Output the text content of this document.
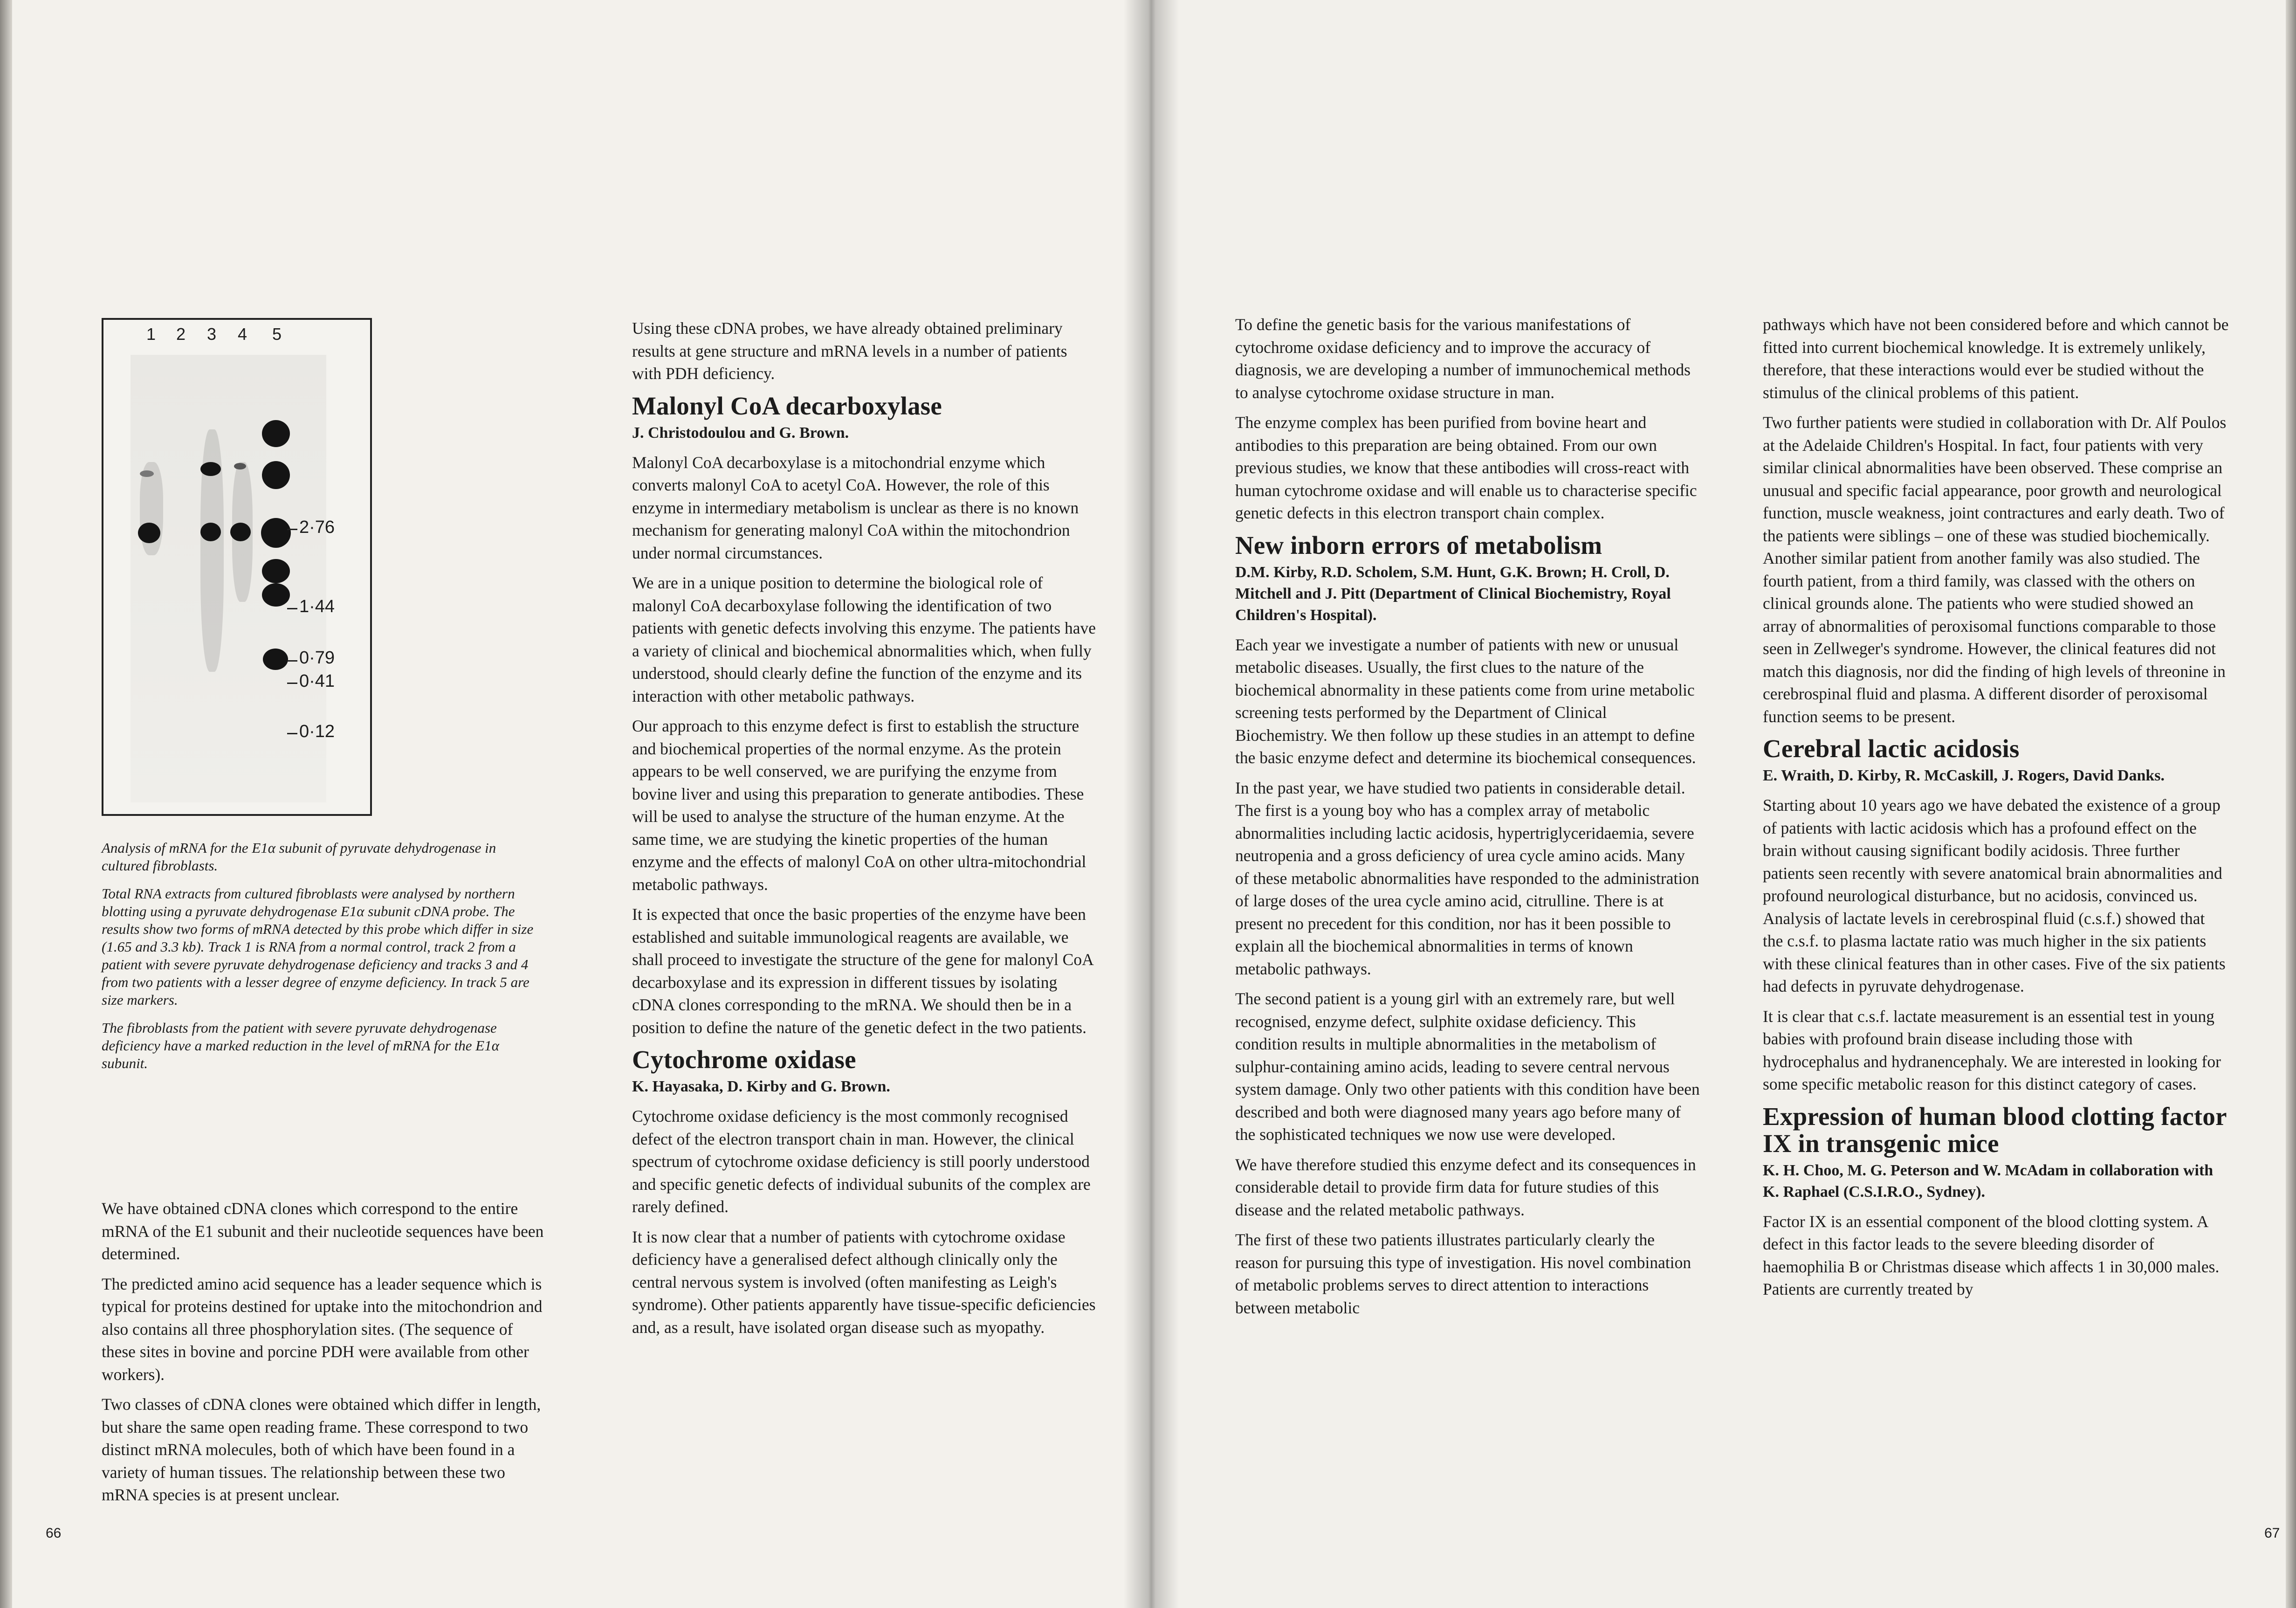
1 2 3 4 5
2·76
1·44
0·79
0·41
0·12

Analysis of mRNA for the E1α subunit of pyruvate dehydrogenase in cultured fibroblasts.

Total RNA extracts from cultured fibroblasts were analysed by northern blotting using a pyruvate dehydrogenase E1α subunit cDNA probe. The results show two forms of mRNA detected by this probe which differ in size (1.65 and 3.3 kb). Track 1 is RNA from a normal control, track 2 from a patient with severe pyruvate dehydrogenase deficiency and tracks 3 and 4 from two patients with a lesser degree of enzyme deficiency. In track 5 are size markers.

The fibroblasts from the patient with severe pyruvate dehydrogenase deficiency have a marked reduction in the level of mRNA for the E1α subunit.

We have obtained cDNA clones which correspond to the entire mRNA of the E1 subunit and their nucleotide sequences have been determined.

The predicted amino acid sequence has a leader sequence which is typical for proteins destined for uptake into the mitochondrion and also contains all three phosphorylation sites. (The sequence of these sites in bovine and porcine PDH were available from other workers).

Two classes of cDNA clones were obtained which differ in length, but share the same open reading frame. These correspond to two distinct mRNA molecules, both of which have been found in a variety of human tissues. The relationship between these two mRNA species is at present unclear.

Using these cDNA probes, we have already obtained preliminary results at gene structure and mRNA levels in a number of patients with PDH deficiency.

Malonyl CoA decarboxylase

J. Christodoulou and G. Brown.

Malonyl CoA decarboxylase is a mitochondrial enzyme which converts malonyl CoA to acetyl CoA. However, the role of this enzyme in intermediary metabolism is unclear as there is no known mechanism for generating malonyl CoA within the mitochondrion under normal circumstances.

We are in a unique position to determine the biological role of malonyl CoA decarboxylase following the identification of two patients with genetic defects involving this enzyme. The patients have a variety of clinical and biochemical abnormalities which, when fully understood, should clearly define the function of the enzyme and its interaction with other metabolic pathways.

Our approach to this enzyme defect is first to establish the structure and biochemical properties of the normal enzyme. As the protein appears to be well conserved, we are purifying the enzyme from bovine liver and using this preparation to generate antibodies. These will be used to analyse the structure of the human enzyme. At the same time, we are studying the kinetic properties of the human enzyme and the effects of malonyl CoA on other ultra-mitochondrial metabolic pathways.

It is expected that once the basic properties of the enzyme have been established and suitable immunological reagents are available, we shall proceed to investigate the structure of the gene for malonyl CoA decarboxylase and its expression in different tissues by isolating cDNA clones corresponding to the mRNA. We should then be in a position to define the nature of the genetic defect in the two patients.

Cytochrome oxidase

K. Hayasaka, D. Kirby and G. Brown.

Cytochrome oxidase deficiency is the most commonly recognised defect of the electron transport chain in man. However, the clinical spectrum of cytochrome oxidase deficiency is still poorly understood and specific genetic defects of individual subunits of the complex are rarely defined.

It is now clear that a number of patients with cytochrome oxidase deficiency have a generalised defect although clinically only the central nervous system is involved (often manifesting as Leigh's syndrome). Other patients apparently have tissue-specific deficiencies and, as a result, have isolated organ disease such as myopathy.

66

To define the genetic basis for the various manifestations of cytochrome oxidase deficiency and to improve the accuracy of diagnosis, we are developing a number of immunochemical methods to analyse cytochrome oxidase structure in man.

The enzyme complex has been purified from bovine heart and antibodies to this preparation are being obtained. From our own previous studies, we know that these antibodies will cross-react with human cytochrome oxidase and will enable us to characterise specific genetic defects in this electron transport chain complex.

New inborn errors of metabolism

D.M. Kirby, R.D. Scholem, S.M. Hunt, G.K. Brown; H. Croll, D. Mitchell and J. Pitt (Department of Clinical Biochemistry, Royal Children's Hospital).

Each year we investigate a number of patients with new or unusual metabolic diseases. Usually, the first clues to the nature of the biochemical abnormality in these patients come from urine metabolic screening tests performed by the Department of Clinical Biochemistry. We then follow up these studies in an attempt to define the basic enzyme defect and determine its biochemical consequences.

In the past year, we have studied two patients in considerable detail. The first is a young boy who has a complex array of metabolic abnormalities including lactic acidosis, hypertriglyceridaemia, severe neutropenia and a gross deficiency of urea cycle amino acids. Many of these metabolic abnormalities have responded to the administration of large doses of the urea cycle amino acid, citrulline. There is at present no precedent for this condition, nor has it been possible to explain all the biochemical abnormalities in terms of known metabolic pathways.

The second patient is a young girl with an extremely rare, but well recognised, enzyme defect, sulphite oxidase deficiency. This condition results in multiple abnormalities in the metabolism of sulphur-containing amino acids, leading to severe central nervous system damage. Only two other patients with this condition have been described and both were diagnosed many years ago before many of the sophisticated techniques we now use were developed.

We have therefore studied this enzyme defect and its consequences in considerable detail to provide firm data for future studies of this disease and the related metabolic pathways.

The first of these two patients illustrates particularly clearly the reason for pursuing this type of investigation. His novel combination of metabolic problems serves to direct attention to interactions between metabolic

pathways which have not been considered before and which cannot be fitted into current biochemical knowledge. It is extremely unlikely, therefore, that these interactions would ever be studied without the stimulus of the clinical problems of this patient.

Two further patients were studied in collaboration with Dr. Alf Poulos at the Adelaide Children's Hospital. In fact, four patients with very similar clinical abnormalities have been observed. These comprise an unusual and specific facial appearance, poor growth and neurological function, muscle weakness, joint contractures and early death. Two of the patients were siblings – one of these was studied biochemically. Another similar patient from another family was also studied. The fourth patient, from a third family, was classed with the others on clinical grounds alone. The patients who were studied showed an array of abnormalities of peroxisomal functions comparable to those seen in Zellweger's syndrome. However, the clinical features did not match this diagnosis, nor did the finding of high levels of threonine in cerebrospinal fluid and plasma. A different disorder of peroxisomal function seems to be present.

Cerebral lactic acidosis

E. Wraith, D. Kirby, R. McCaskill, J. Rogers, David Danks.

Starting about 10 years ago we have debated the existence of a group of patients with lactic acidosis which has a profound effect on the brain without causing significant bodily acidosis. Three further patients seen recently with severe anatomical brain abnormalities and profound neurological disturbance, but no acidosis, convinced us. Analysis of lactate levels in cerebrospinal fluid (c.s.f.) showed that the c.s.f. to plasma lactate ratio was much higher in the six patients with these clinical features than in other cases. Five of the six patients had defects in pyruvate dehydrogenase.

It is clear that c.s.f. lactate measurement is an essential test in young babies with profound brain disease including those with hydrocephalus and hydranencephaly. We are interested in looking for some specific metabolic reason for this distinct category of cases.

Expression of human blood clotting factor IX in transgenic mice

K. H. Choo, M. G. Peterson and W. McAdam in collaboration with K. Raphael (C.S.I.R.O., Sydney).

Factor IX is an essential component of the blood clotting system. A defect in this factor leads to the severe bleeding disorder of haemophilia B or Christmas disease which affects 1 in 30,000 males. Patients are currently treated by

67
